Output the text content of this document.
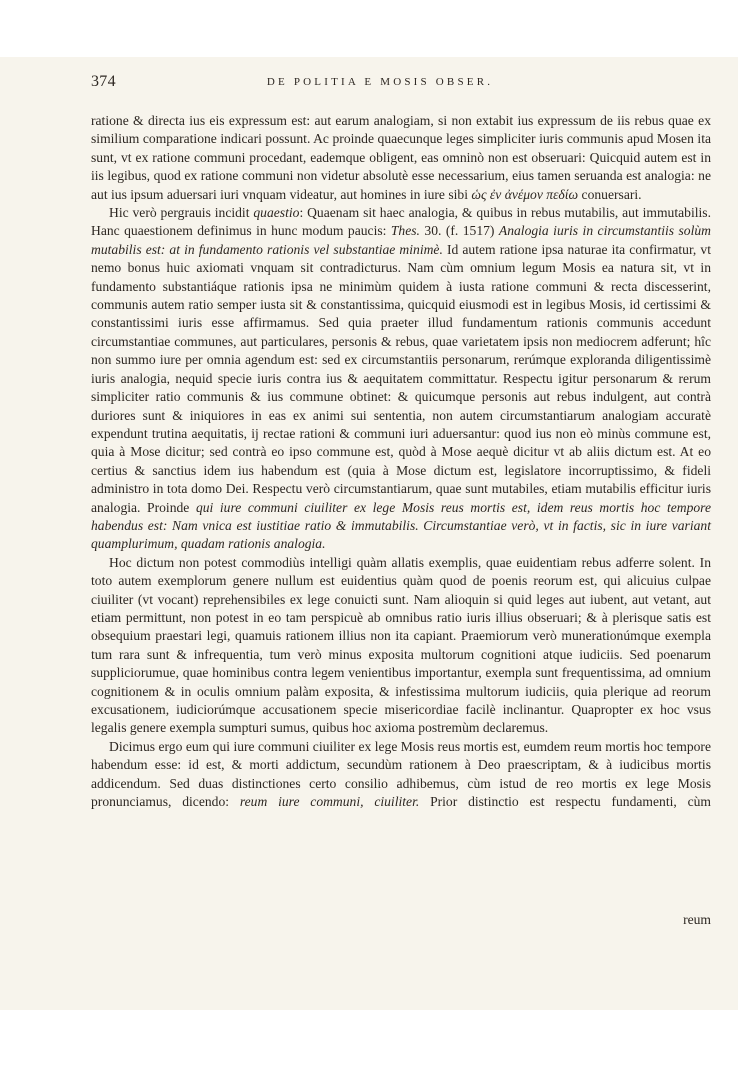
374	DE POLITIA E MOSIS OBSER.

ratione & directa ius eis expressum est: aut earum analogiam, si non extabit ius expressum de iis rebus quae ex similium comparatione indicari possunt. Ac proinde quaecunque leges simpliciter iuris communis apud Mosen ita sunt, vt ex ratione communi procedant, eademque obligent, eas omninò non est obseruari: Quicquid autem est in iis legibus, quod ex ratione communi non videtur absolutè esse necessarium, eius tamen seruanda est analogia: ne aut ius ipsum aduersari iuri vnquam videatur, aut homines in iure sibi ὡς ἐν ἀνέμον πεδίω conuersari.

Hic verò pergrauis incidit quaestio: Quaenam sit haec analogia, & quibus in rebus mutabilis, aut immutabilis. Hanc quaestionem definimus in hunc modum paucis: Thes. 30. (f. 1517) Analogia iuris in circumstantiis solùm mutabilis est: at in fundamento rationis vel substantiae minimè. Id autem ratione ipsa naturae ita confirmatur, vt nemo bonus huic axiomati vnquam sit contradicturus. Nam cùm omnium legum Mosis ea natura sit, vt in fundamento substantiáque rationis ipsa ne minimùm quidem à iusta ratione communi & recta discesserint, communis autem ratio semper iusta sit & constantissima, quicquid eiusmodi est in legibus Mosis, id certissimi & constantissimi iuris esse affirmamus. Sed quia praeter illud fundamentum rationis communis accedunt circumstantiae communes, aut particulares, personis & rebus, quae varietatem ipsis non mediocrem adferunt; hîc non summo iure per omnia agendum est: sed ex circumstantiis personarum, rerúmque exploranda diligentissimè iuris analogia, nequid specie iuris contra ius & aequitatem committatur. Respectu igitur personarum & rerum simpliciter ratio communis & ius commune obtinet: & quicumque personis aut rebus indulgent, aut contrà duriores sunt & iniquiores in eas ex animi sui sententia, non autem circumstantiarum analogiam accuratè expendunt trutina aequitatis, ij rectae rationi & communi iuri aduersantur: quod ius non eò minùs commune est, quia à Mose dicitur; sed contrà eo ipso commune est, quòd à Mose aequè dicitur vt ab aliis dictum est. At eo certius & sanctius idem ius habendum est (quia à Mose dictum est, legislatore incorruptissimo, & fideli administro in tota domo Dei. Respectu verò circumstantiarum, quae sunt mutabiles, etiam mutabilis efficitur iuris analogia. Proinde qui iure communi ciuiliter ex lege Mosis reus mortis est, idem reus mortis hoc tempore habendus est: Nam vnica est iustitiae ratio & immutabilis. Circumstantiae verò, vt in factis, sic in iure variant quamplurimum, quadam rationis analogia.

Hoc dictum non potest commodiùs intelligi quàm allatis exemplis, quae euidentiam rebus adferre solent. In toto autem exemplorum genere nullum est euidentius quàm quod de poenis reorum est, qui alicuius culpae ciuiliter (vt vocant) reprehensibiles ex lege conuicti sunt. Nam alioquin si quid leges aut iubent, aut vetant, aut etiam permittunt, non potest in eo tam perspicuè ab omnibus ratio iuris illius obseruari; & à plerisque satis est obsequium praestari legi, quamuis rationem illius non ita capiant. Praemiorum verò munerationúmque exempla tum rara sunt & infrequentia, tum verò minus exposita multorum cognitioni atque iudiciis. Sed poenarum suppliciorumue, quae hominibus contra legem venientibus importantur, exempla sunt frequentissima, ad omnium cognitionem & in oculis omnium palàm exposita, & infestissima multorum iudiciis, quia plerique ad reorum excusationem, iudiciorúmque accusationem specie misericordiae facilè inclinantur. Quapropter ex hoc vsus legalis genere exempla sumpturi sumus, quibus hoc axioma postremùm declaremus.

Dicimus ergo eum qui iure communi ciuiliter ex lege Mosis reus mortis est, eumdem reum mortis hoc tempore habendum esse: id est, & morti addictum, secundùm rationem à Deo praescriptam, & à iudicibus mortis addicendum. Sed duas distinctiones certo consilio adhibemus, cùm istud de reo mortis ex lege Mosis pronunciamus, dicendo: reum iure communi, ciuiliter. Prior distinctio est respectu fundamenti, cùm

reum
